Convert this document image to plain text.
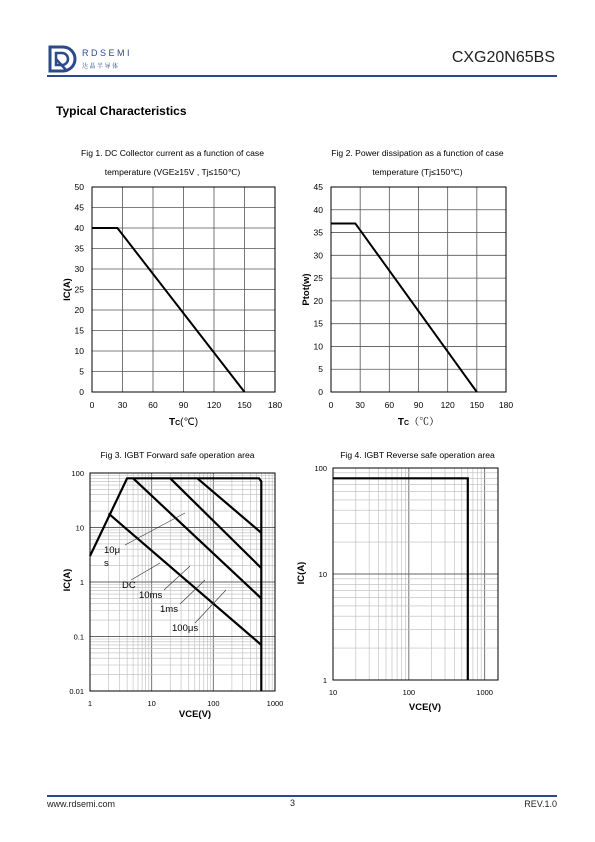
RDSEMI
达晶半导体
CXG20N65BS
Typical Characteristics
Fig 1. DC Collector current as a function of case
temperature (VGE≥15V , Tj≤150℃)
Fig 2. Power dissipation as a function of case
temperature (Tj≤150℃)
Fig 3. IGBT Forward safe operation area	Fig 4. IGBT Reverse safe operation area
0	30 60 90 120 150 180
0
5
10
15
20
25
30
35
40
45
50
TC(℃)
IC(A)
0	30 60 90 120 150 180
0
5
10
15
20
25
30
35
40
45
TC（℃）
Ptot(w)
1	10	100	1000
0.01
0.1
1
10
100
VCE(V)
IC(A)
10μ
s
DC
10ms
1ms
100μs
10	100	1000
1
10
100
VCE(V)
IC(A)
www.rdsemi.com	3	REV.1.0
